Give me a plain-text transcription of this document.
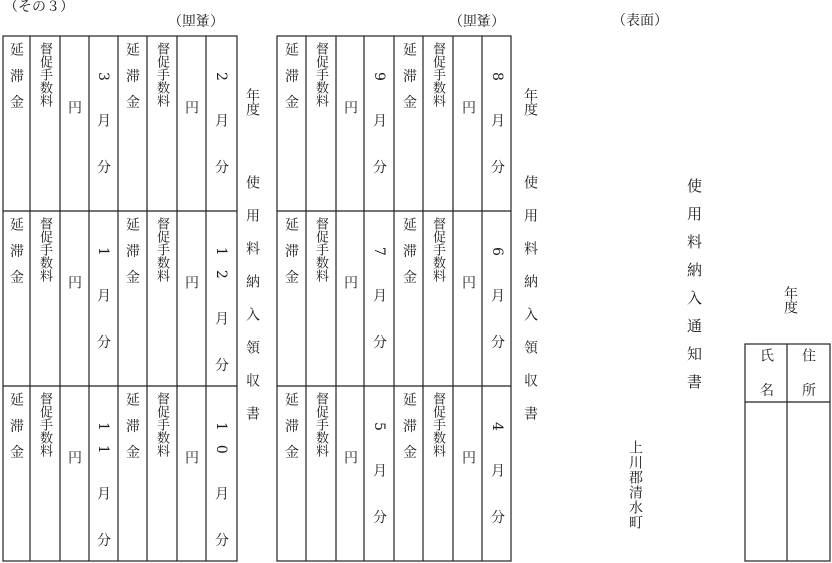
（その３）
（表面）
（裏面）
（裏面）
年度
使用料納入領収書
8 月 分
6 月 分
4 月 分
円
円
円
督促手数料
督促手数料
督促手数料
延 滞 金
延 滞 金
延 滞 金
9 月 分
7 月 分
5 月 分
円
円
円
督促手数料
督促手数料
督促手数料
延 滞 金
延 滞 金
延 滞 金
年度
使用料納入領収書
2 月 分
12 月 分
10 月 分
円
円
円
督促手数料
督促手数料
督促手数料
延 滞 金
延 滞 金
延 滞 金
3 月 分
1 月 分
11 月 分
円
円
円
督促手数料
督促手数料
督促手数料
延 滞 金
延 滞 金
延 滞 金
使用料納入通知書
上川郡清水町
年度
住 所
氏 名
